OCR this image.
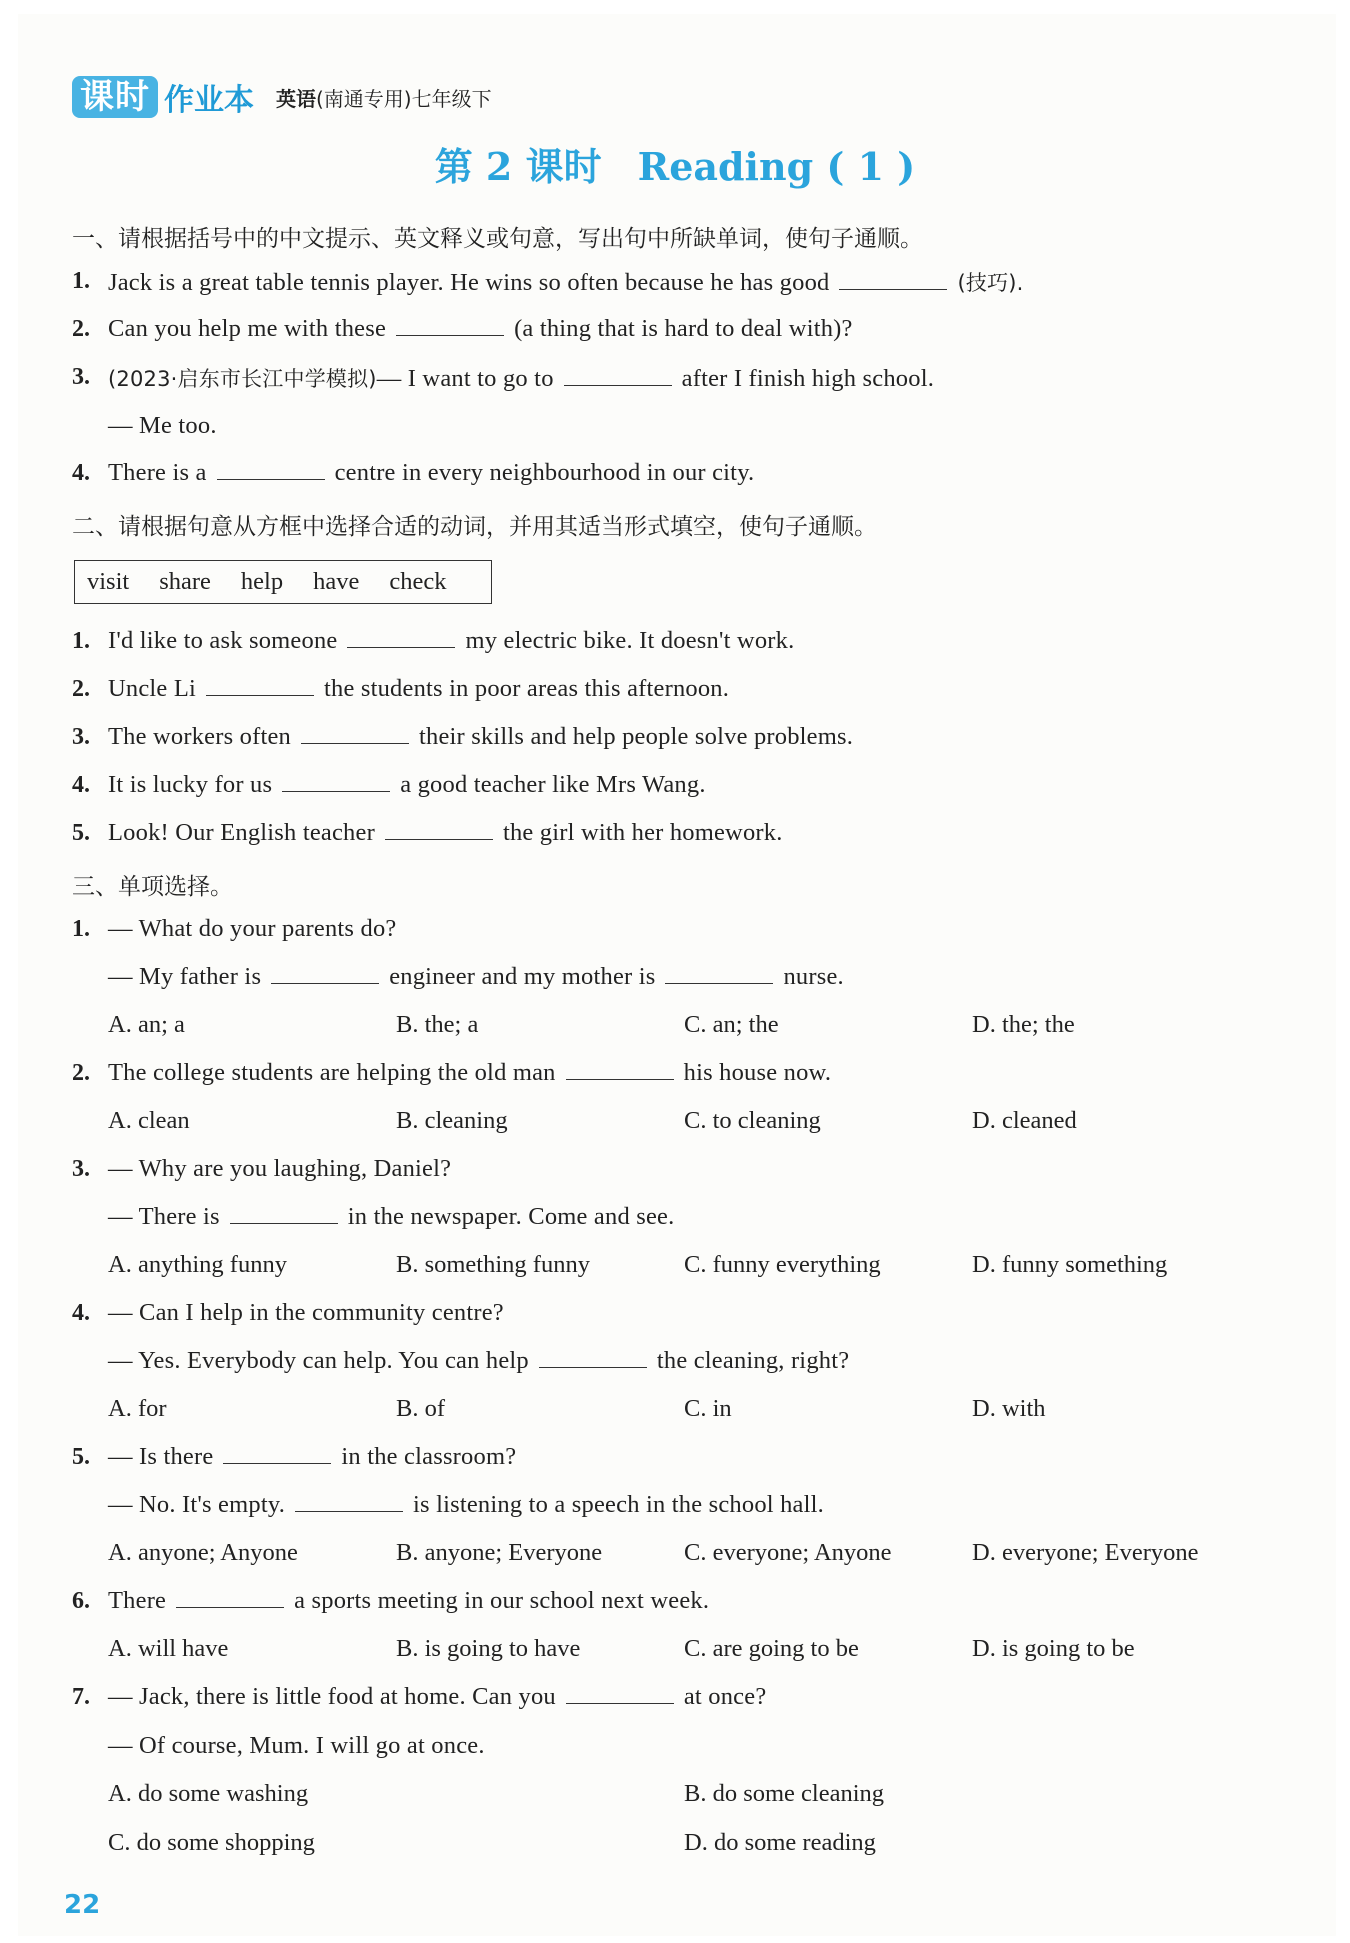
课时 作业本 英语(南通专用)七年级下
第 2 课时 Reading ( 1 )
一、请根据括号中的中文提示、英文释义或句意，写出句中所缺单词，使句子通顺。
1. Jack is a great table tennis player. He wins so often because he has good	(技巧).
2. Can you help me with these	(a thing that is hard to deal with)?
3. (2023·启东市长江中学模拟)— I want to go to	after I finish high school.
— Me too.
4. There is a	centre in every neighbourhood in our city.
二、请根据句意从方框中选择合适的动词，并用其适当形式填空，使句子通顺。
visit share help have check
1. I'd like to ask someone	my electric bike. It doesn't work.
2. Uncle Li	the students in poor areas this afternoon.
3. The workers often	their skills and help people solve problems.
4. It is lucky for us	a good teacher like Mrs Wang.
5. Look! Our English teacher	the girl with her homework.
三、单项选择。
1. — What do your parents do?
— My father is	engineer and my mother is	nurse.
A. an; a	B. the; a	C. an; the	D. the; the
2. The college students are helping the old man	his house now.
A. clean	B. cleaning	C. to cleaning	D. cleaned
3. — Why are you laughing, Daniel?
— There is	in the newspaper. Come and see.
A. anything funny	B. something funny	C. funny everything	D. funny something
4. — Can I help in the community centre?
— Yes. Everybody can help. You can help	the cleaning, right?
A. for	B. of	C. in	D. with
5. — Is there	in the classroom?
— No. It's empty.	is listening to a speech in the school hall.
A. anyone; Anyone	B. anyone; Everyone	C. everyone; Anyone	D. everyone; Everyone
6. There	a sports meeting in our school next week.
A. will have	B. is going to have	C. are going to be	D. is going to be
7. — Jack, there is little food at home. Can you	at once?
— Of course, Mum. I will go at once.
A. do some washing	B. do some cleaning
C. do some shopping	D. do some reading
22
